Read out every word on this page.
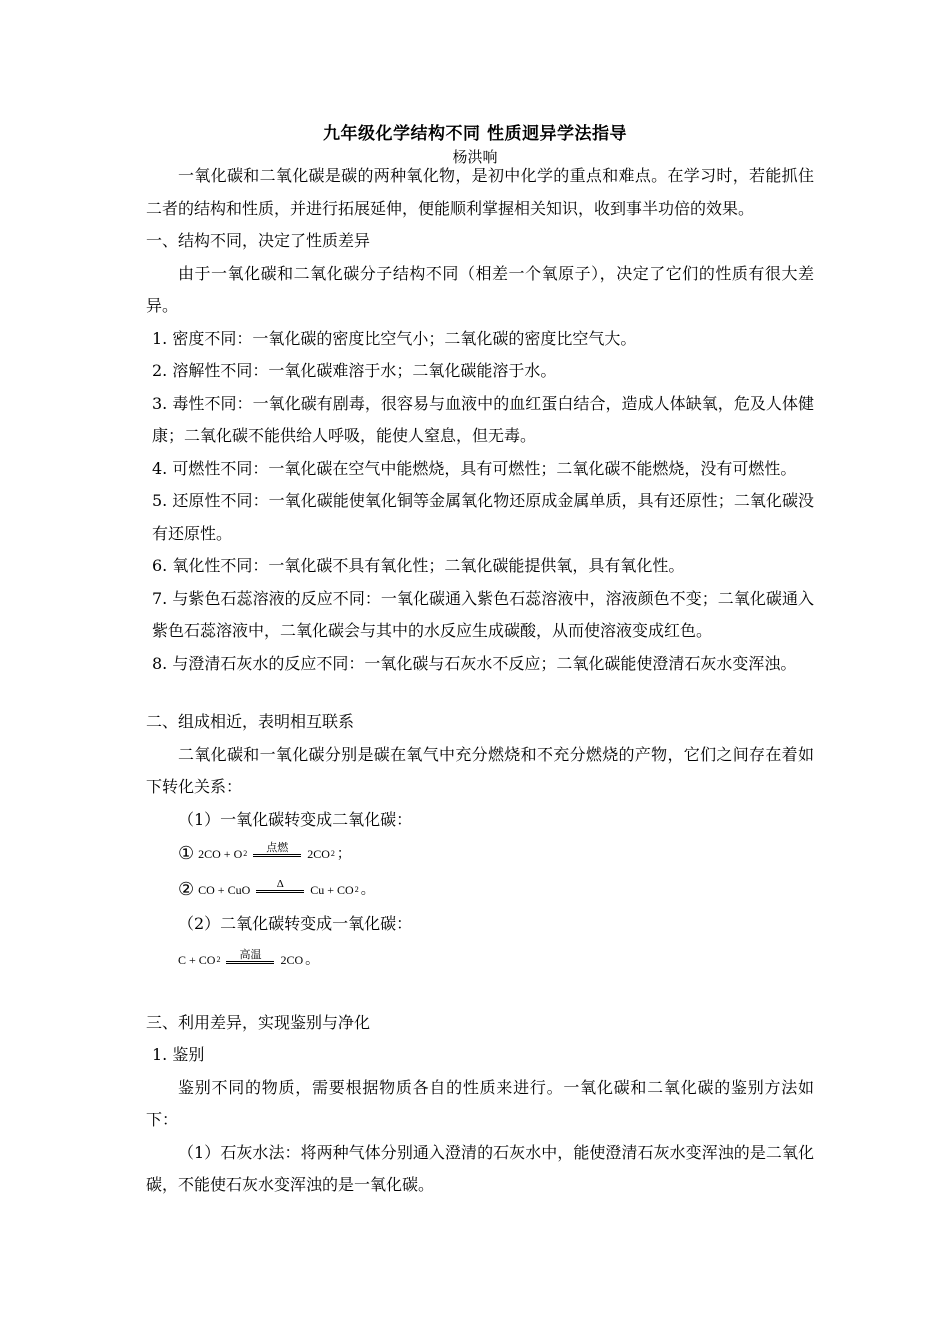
九年级化学结构不同 性质迥异学法指导
杨洪响

一氧化碳和二氧化碳是碳的两种氧化物，是初中化学的重点和难点。在学习时，若能抓住二者的结构和性质，并进行拓展延伸，便能顺利掌握相关知识，收到事半功倍的效果。

一、结构不同，决定了性质差异

由于一氧化碳和二氧化碳分子结构不同（相差一个氧原子），决定了它们的性质有很大差异。

1. 密度不同：一氧化碳的密度比空气小；二氧化碳的密度比空气大。

2. 溶解性不同：一氧化碳难溶于水；二氧化碳能溶于水。

3. 毒性不同：一氧化碳有剧毒，很容易与血液中的血红蛋白结合，造成人体缺氧，危及人体健康；二氧化碳不能供给人呼吸，能使人窒息，但无毒。

4. 可燃性不同：一氧化碳在空气中能燃烧，具有可燃性；二氧化碳不能燃烧，没有可燃性。

5. 还原性不同：一氧化碳能使氧化铜等金属氧化物还原成金属单质，具有还原性；二氧化碳没有还原性。

6. 氧化性不同：一氧化碳不具有氧化性；二氧化碳能提供氧，具有氧化性。

7. 与紫色石蕊溶液的反应不同：一氧化碳通入紫色石蕊溶液中，溶液颜色不变；二氧化碳通入紫色石蕊溶液中，二氧化碳会与其中的水反应生成碳酸，从而使溶液变成红色。

8. 与澄清石灰水的反应不同：一氧化碳与石灰水不反应；二氧化碳能使澄清石灰水变浑浊。

二、组成相近，表明相互联系

二氧化碳和一氧化碳分别是碳在氧气中充分燃烧和不充分燃烧的产物，它们之间存在着如下转化关系：

（1）一氧化碳转变成二氧化碳：

① 2CO + O 2 点燃 2CO 2 ；
② CO + CuO Δ Cu + CO 2 。

（2）二氧化碳转变成一氧化碳：

C + CO 2 高温 2CO 。

三、利用差异，实现鉴别与净化

1. 鉴别

鉴别不同的物质，需要根据物质各自的性质来进行。一氧化碳和二氧化碳的鉴别方法如下：

（1）石灰水法：将两种气体分别通入澄清的石灰水中，能使澄清石灰水变浑浊的是二氧化碳，不能使石灰水变浑浊的是一氧化碳。
